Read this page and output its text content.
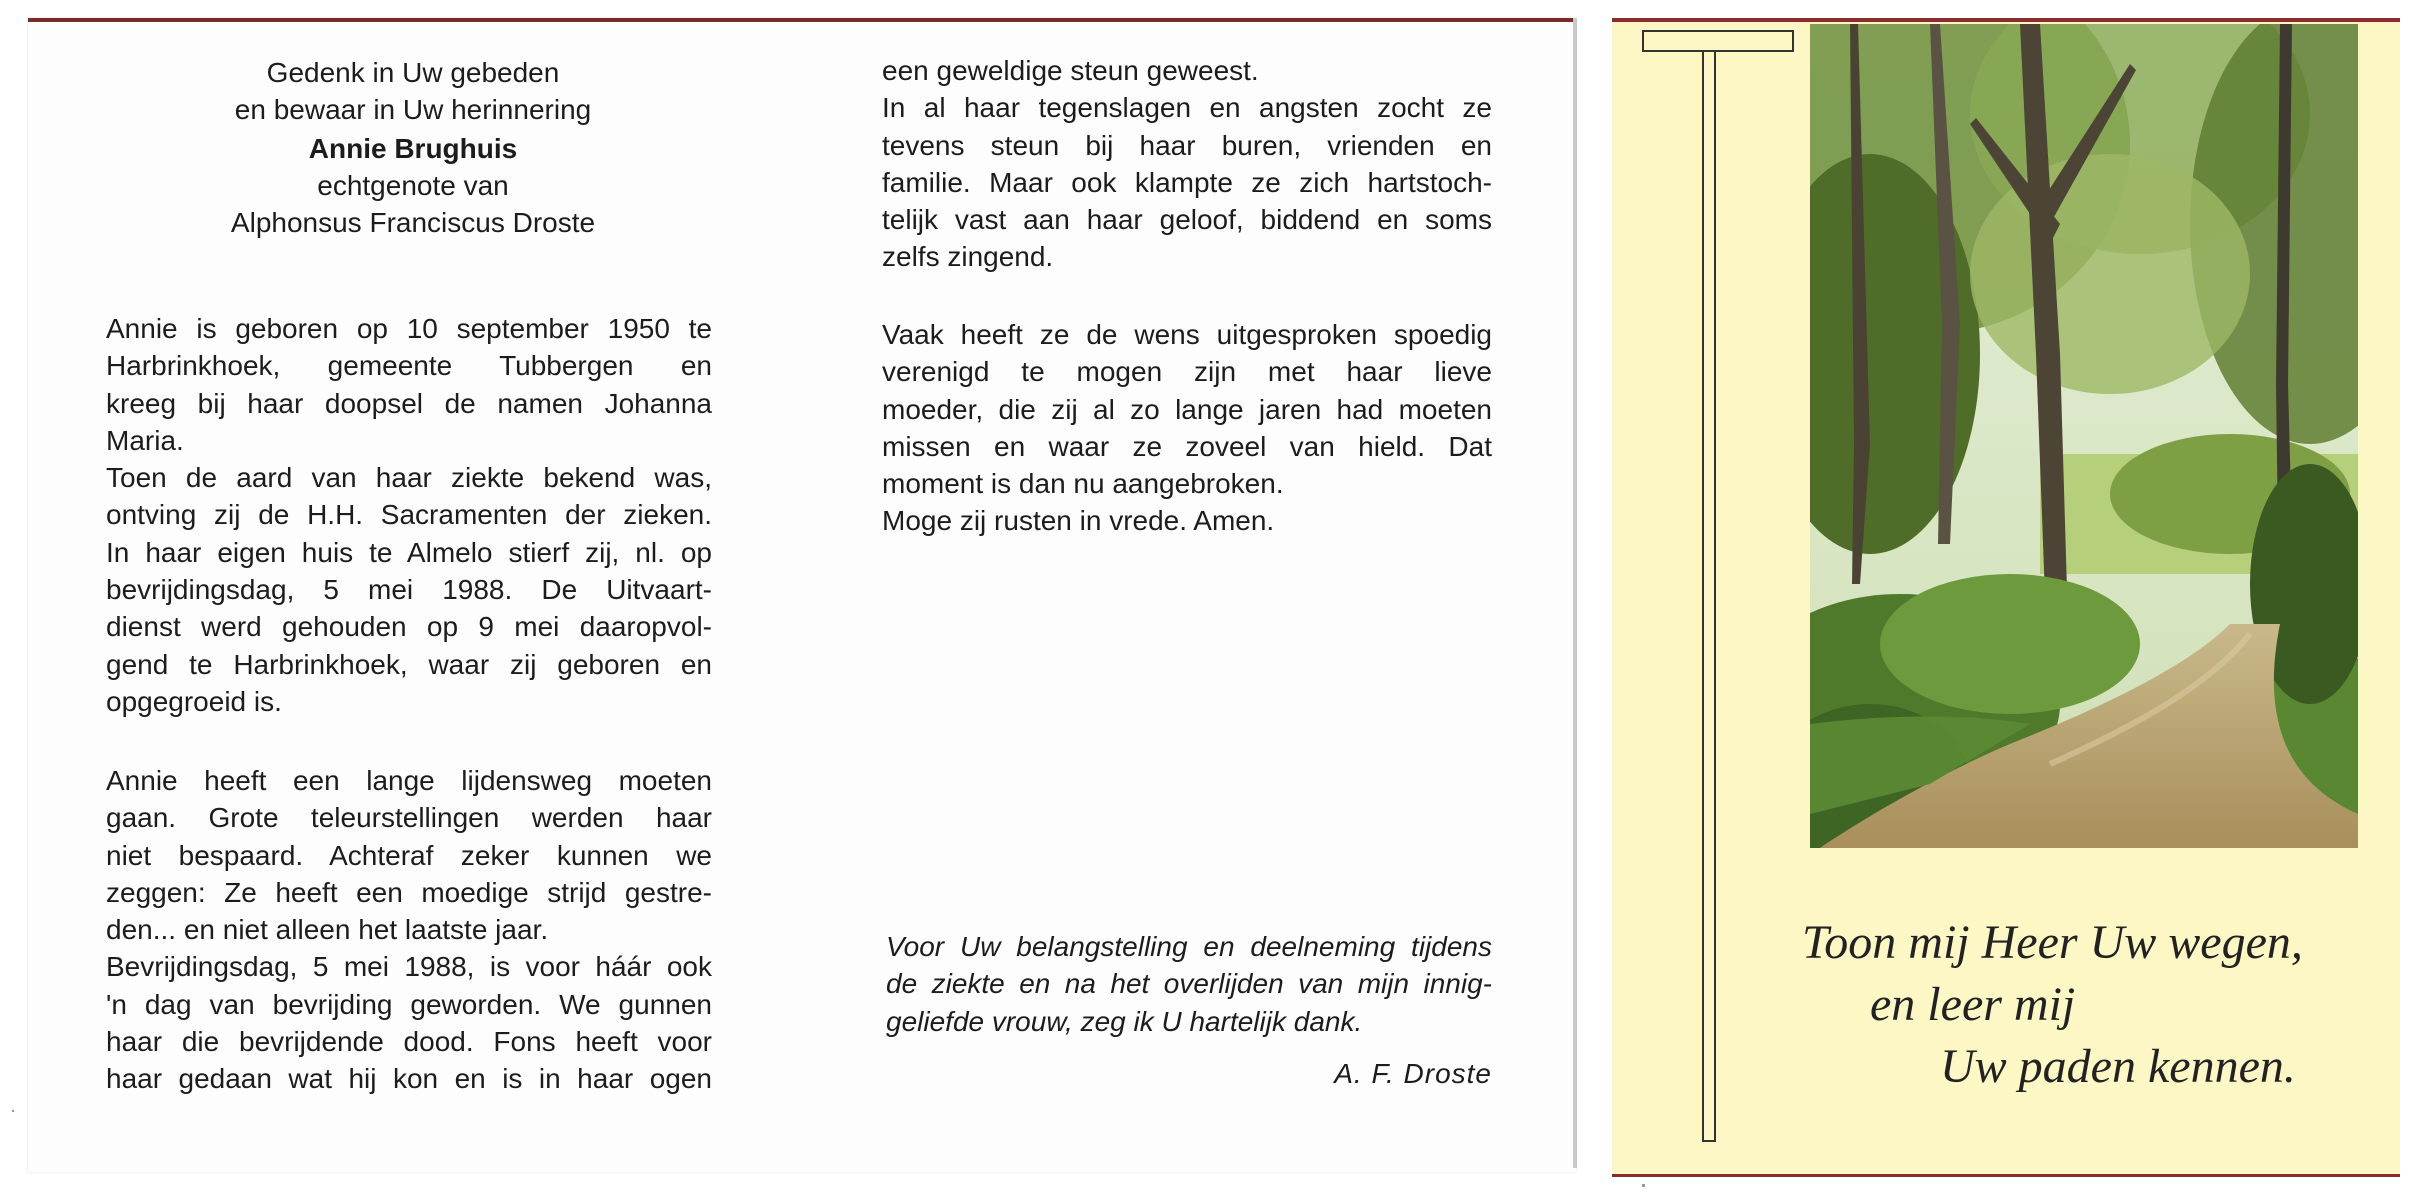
Gedenk in Uw gebeden
en bewaar in Uw herinnering
Annie Brughuis
echtgenote van
Alphonsus Franciscus Droste
Annie is geboren op 10 september 1950 te
Harbrinkhoek, gemeente Tubbergen en
kreeg bij haar doopsel de namen Johanna
Maria.
Toen de aard van haar ziekte bekend was,
ontving zij de H.H. Sacramenten der zieken.
In haar eigen huis te Almelo stierf zij, nl. op
bevrijdingsdag, 5 mei 1988. De Uitvaart-
dienst werd gehouden op 9 mei daaropvol-
gend te Harbrinkhoek, waar zij geboren en
opgegroeid is.
Annie heeft een lange lijdensweg moeten
gaan. Grote teleurstellingen werden haar
niet bespaard. Achteraf zeker kunnen we
zeggen: Ze heeft een moedige strijd gestre-
den... en niet alleen het laatste jaar.
Bevrijdingsdag, 5 mei 1988, is voor háár ook
'n dag van bevrijding geworden. We gunnen
haar die bevrijdende dood. Fons heeft voor
haar gedaan wat hij kon en is in haar ogen
een geweldige steun geweest.
In al haar tegenslagen en angsten zocht ze
tevens steun bij haar buren, vrienden en
familie. Maar ook klampte ze zich hartstoch-
telijk vast aan haar geloof, biddend en soms
zelfs zingend.
Vaak heeft ze de wens uitgesproken spoedig
verenigd te mogen zijn met haar lieve
moeder, die zij al zo lange jaren had moeten
missen en waar ze zoveel van hield. Dat
moment is dan nu aangebroken.
Moge zij rusten in vrede. Amen.
Voor Uw belangstelling en deelneming tijdens
de ziekte en na het overlijden van mijn innig-
geliefde vrouw, zeg ik U hartelijk dank.
A. F. Droste
Toon mij Heer Uw wegen,
en leer mij
Uw paden kennen.
